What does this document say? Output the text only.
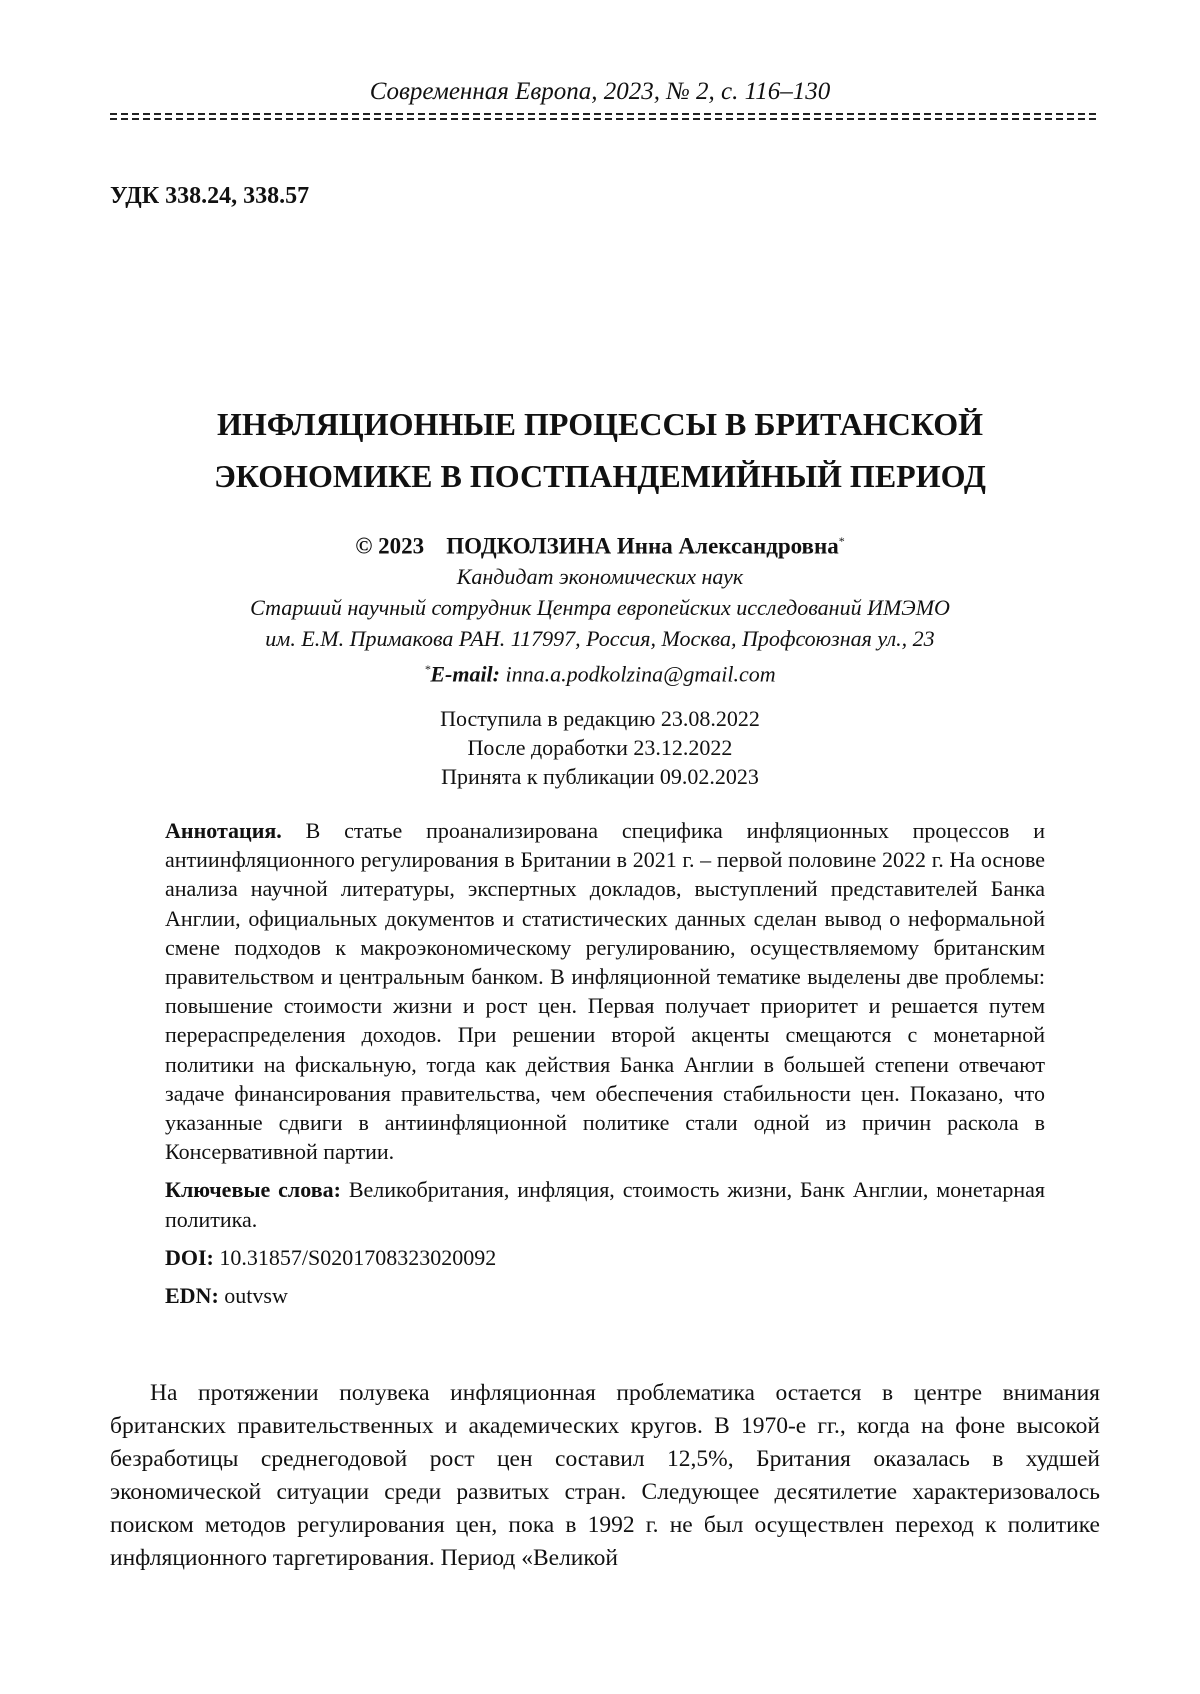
Современная Европа, 2023, № 2, с. 116–130
УДК 338.24, 338.57
ИНФЛЯЦИОННЫЕ ПРОЦЕССЫ В БРИТАНСКОЙ
ЭКОНОМИКЕ В ПОСТПАНДЕМИЙНЫЙ ПЕРИОД
© 2023 ПОДКОЛЗИНА Инна Александровна*
Кандидат экономических наук
Старший научный сотрудник Центра европейских исследований ИМЭМО
им. Е.М. Примакова РАН. 117997, Россия, Москва, Профсоюзная ул., 23
*E-mail: inna.a.podkolzina@gmail.com
Поступила в редакцию 23.08.2022
После доработки 23.12.2022
Принята к публикации 09.02.2023

Аннотация. В статье проанализирована специфика инфляционных процессов и антиинфляционного регулирования в Британии в 2021 г. – первой половине 2022 г. На основе анализа научной литературы, экспертных докладов, выступлений представителей Банка Англии, официальных документов и статистических данных сделан вывод о неформальной смене подходов к макроэкономическому регулированию, осуществляемому британским правительством и центральным банком. В инфляционной тематике выделены две проблемы: повышение стоимости жизни и рост цен. Первая получает приоритет и решается путем перераспределения доходов. При решении второй акценты смещаются с монетарной политики на фискальную, тогда как действия Банка Англии в большей степени отвечают задаче финансирования правительства, чем обеспечения стабильности цен. Показано, что указанные сдвиги в антиинфляционной политике стали одной из причин раскола в Консервативной партии.

Ключевые слова: Великобритания, инфляция, стоимость жизни, Банк Англии, монетарная политика.

DOI: 10.31857/S0201708323020092

EDN: outvsw

На протяжении полувека инфляционная проблематика остается в центре внимания британских правительственных и академических кругов. В 1970-е гг., когда на фоне высокой безработицы среднегодовой рост цен составил 12,5%, Британия оказалась в худшей экономической ситуации среди развитых стран. Следующее десятилетие характеризовалось поиском методов регулирования цен, пока в 1992 г. не был осуществлен переход к политике инфляционного таргетирования. Период «Великой
